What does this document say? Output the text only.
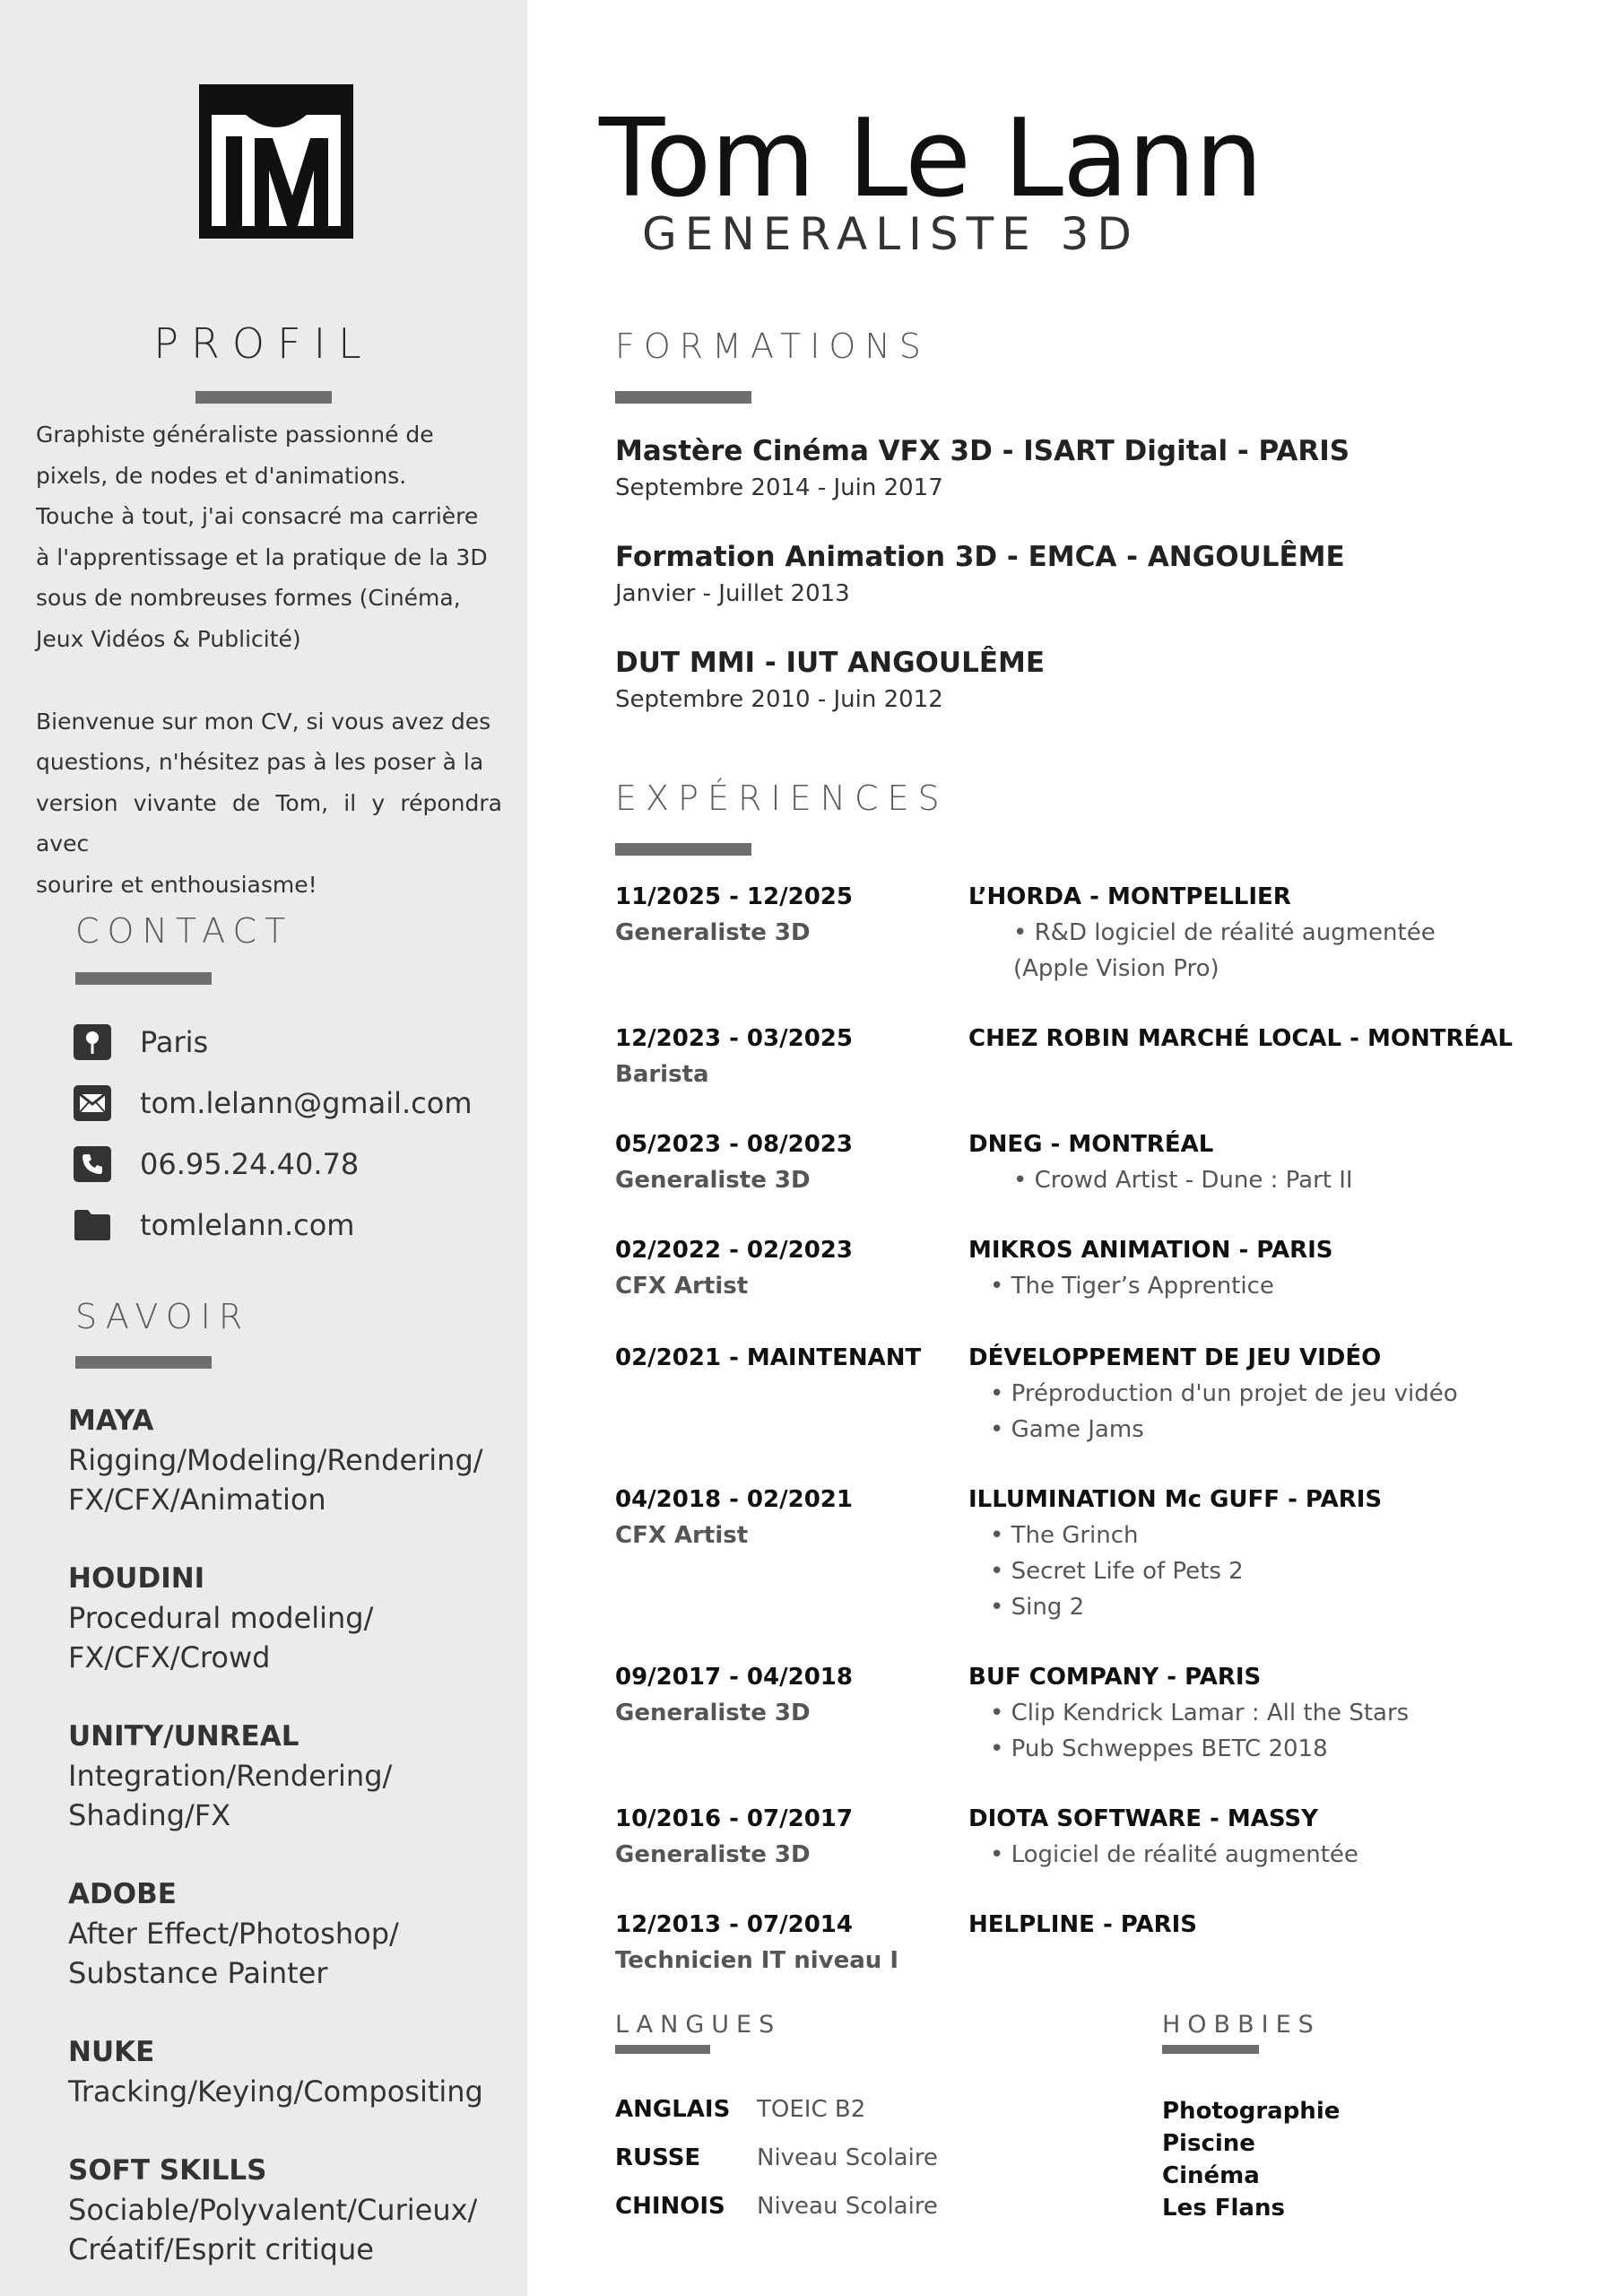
PROFIL

Graphiste généraliste passionné de

pixels, de nodes et d'animations.

Touche à tout, j'ai consacré ma carrière

à l'apprentissage et la pratique de la 3D

sous de nombreuses formes (Cinéma,

Jeux Vidéos & Publicité)

Bienvenue sur mon CV, si vous avez des

questions, n'hésitez pas à les poser à la

version vivante de Tom, il y répondra avec

sourire et enthousiasme!

CONTACT
Paris
tom.lelann@gmail.com
06.95.24.40.78
tomlelann.com
SAVOIR
MAYA
Rigging/Modeling/Rendering/
FX/CFX/Animation
HOUDINI
Procedural modeling/
FX/CFX/Crowd
UNITY/UNREAL
Integration/Rendering/
Shading/FX
ADOBE
After Effect/Photoshop/
Substance Painter
NUKE
Tracking/Keying/Compositing
SOFT SKILLS
Sociable/Polyvalent/Curieux/
Créatif/Esprit critique
Tom Le Lann
GENERALISTE 3D
FORMATIONS
Mastère Cinéma VFX 3D - ISART Digital - PARIS
Septembre 2014 - Juin 2017
Formation Animation 3D - EMCA - ANGOULÊME
Janvier - Juillet 2013
DUT MMI - IUT ANGOULÊME
Septembre 2010 - Juin 2012
EXPÉRIENCES
11/2025 - 12/2025
Generaliste 3D
L’HORDA - MONTPELLIER
• R&D logiciel de réalité augmentée
(Apple Vision Pro)
12/2023 - 03/2025
Barista
CHEZ ROBIN MARCHÉ LOCAL - MONTRÉAL
05/2023 - 08/2023
Generaliste 3D
DNEG - MONTRÉAL
• Crowd Artist - Dune : Part II
02/2022 - 02/2023
CFX Artist
MIKROS ANIMATION - PARIS
• The Tiger’s Apprentice
02/2021 - MAINTENANT DÉVELOPPEMENT DE JEU VIDÉO
• Préproduction d'un projet de jeu vidéo
• Game Jams
04/2018 - 02/2021
CFX Artist
ILLUMINATION Mc GUFF - PARIS
• The Grinch
• Secret Life of Pets 2
• Sing 2
09/2017 - 04/2018
Generaliste 3D
BUF COMPANY - PARIS
• Clip Kendrick Lamar : All the Stars
• Pub Schweppes BETC 2018
10/2016 - 07/2017
Generaliste 3D
DIOTA SOFTWARE - MASSY
• Logiciel de réalité augmentée
12/2013 - 07/2014
Technicien IT niveau I
HELPLINE - PARIS
LANGUES
ANGLAIS TOEIC B2
RUSSE Niveau Scolaire
CHINOIS Niveau Scolaire
HOBBIES
Photographie
Piscine
Cinéma
Les Flans
